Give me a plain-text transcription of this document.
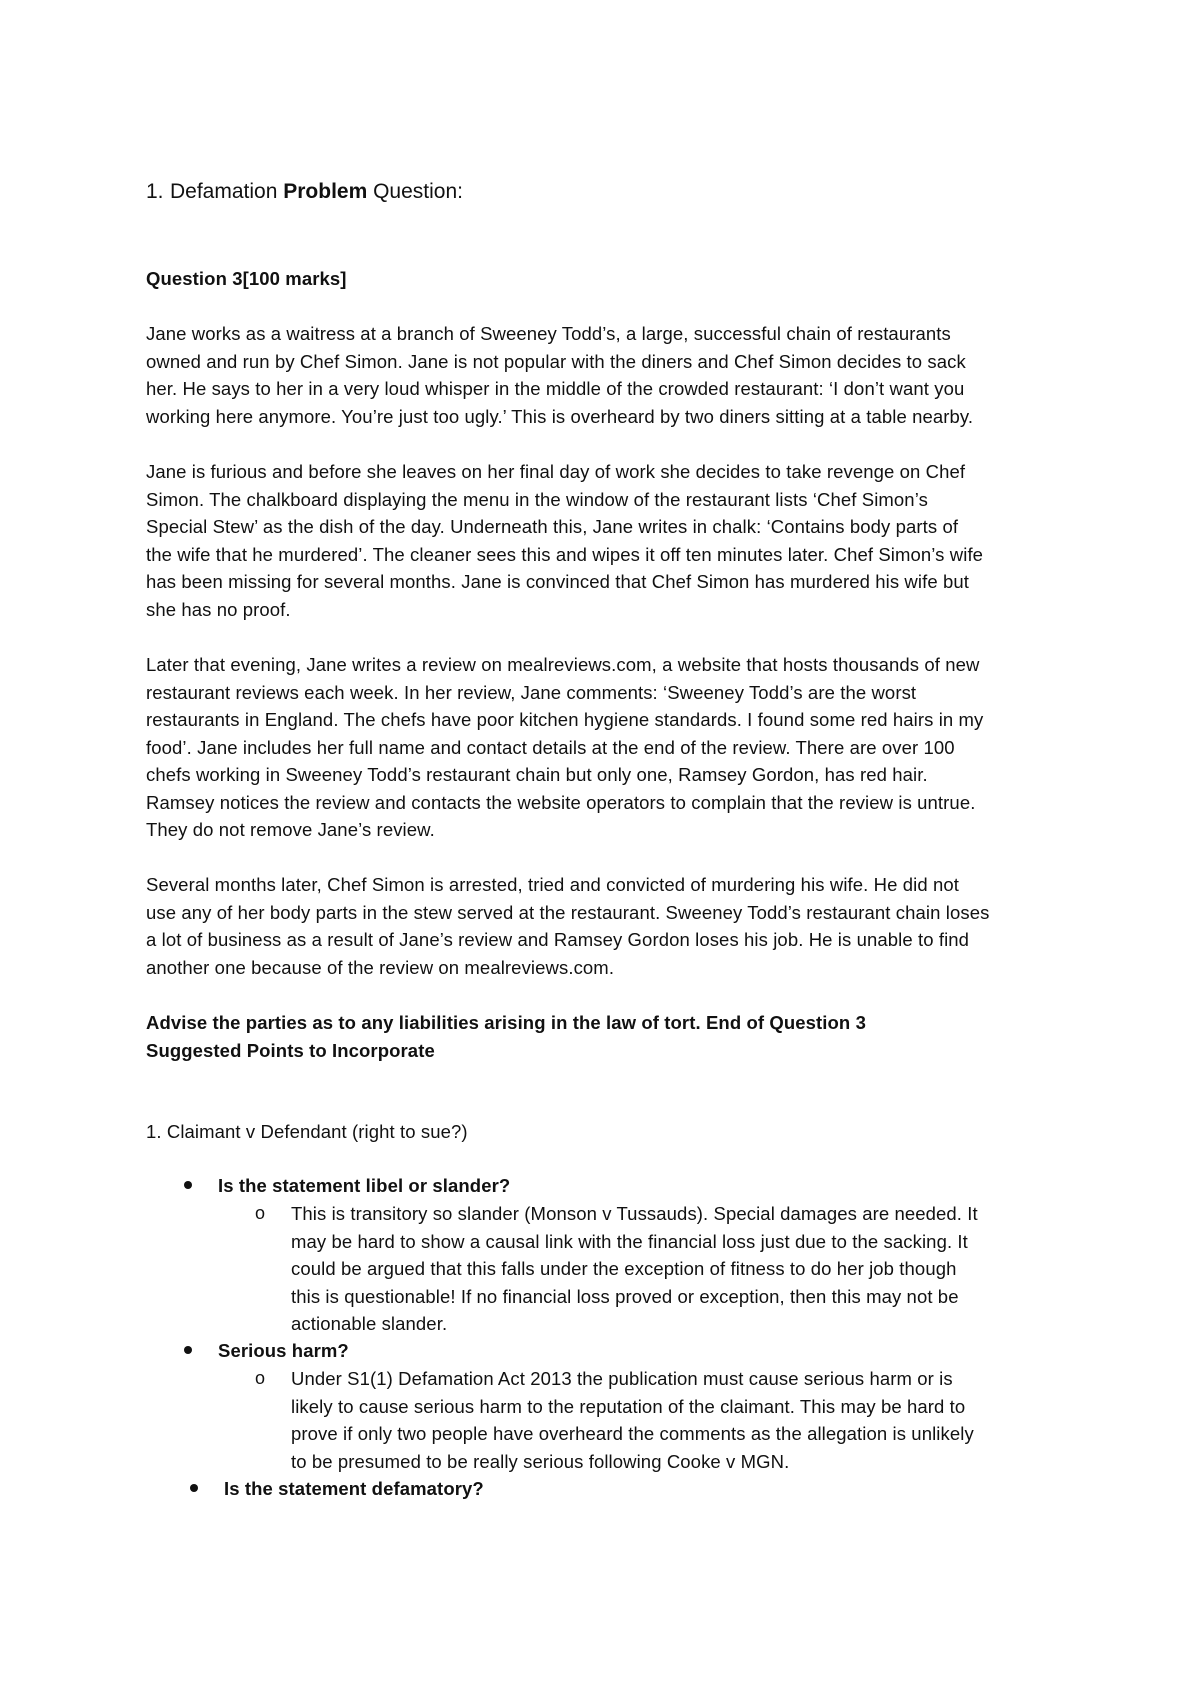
1. Defamation Problem Question:
Question 3[100 marks]
Jane works as a waitress at a branch of Sweeney Todd’s, a large, successful chain of restaurants
owned and run by Chef Simon. Jane is not popular with the diners and Chef Simon decides to sack
her. He says to her in a very loud whisper in the middle of the crowded restaurant: ‘I don’t want you
working here anymore. You’re just too ugly.’ This is overheard by two diners sitting at a table nearby.
Jane is furious and before she leaves on her final day of work she decides to take revenge on Chef
Simon. The chalkboard displaying the menu in the window of the restaurant lists ‘Chef Simon’s
Special Stew’ as the dish of the day. Underneath this, Jane writes in chalk: ‘Contains body parts of
the wife that he murdered’. The cleaner sees this and wipes it off ten minutes later. Chef Simon’s wife
has been missing for several months. Jane is convinced that Chef Simon has murdered his wife but
she has no proof.
Later that evening, Jane writes a review on mealreviews.com, a website that hosts thousands of new
restaurant reviews each week. In her review, Jane comments: ‘Sweeney Todd’s are the worst
restaurants in England. The chefs have poor kitchen hygiene standards. I found some red hairs in my
food’. Jane includes her full name and contact details at the end of the review. There are over 100
chefs working in Sweeney Todd’s restaurant chain but only one, Ramsey Gordon, has red hair.
Ramsey notices the review and contacts the website operators to complain that the review is untrue.
They do not remove Jane’s review.
Several months later, Chef Simon is arrested, tried and convicted of murdering his wife. He did not
use any of her body parts in the stew served at the restaurant. Sweeney Todd’s restaurant chain loses
a lot of business as a result of Jane’s review and Ramsey Gordon loses his job. He is unable to find
another one because of the review on mealreviews.com.
Advise the parties as to any liabilities arising in the law of tort. End of Question 3
Suggested Points to Incorporate
1. Claimant v Defendant (right to sue?)
Is the statement libel or slander?
o This is transitory so slander (Monson v Tussauds). Special damages are needed. It
may be hard to show a causal link with the financial loss just due to the sacking. It
could be argued that this falls under the exception of fitness to do her job though
this is questionable! If no financial loss proved or exception, then this may not be
actionable slander.
Serious harm?
o Under S1(1) Defamation Act 2013 the publication must cause serious harm or is
likely to cause serious harm to the reputation of the claimant. This may be hard to
prove if only two people have overheard the comments as the allegation is unlikely
to be presumed to be really serious following Cooke v MGN.
Is the statement defamatory?
